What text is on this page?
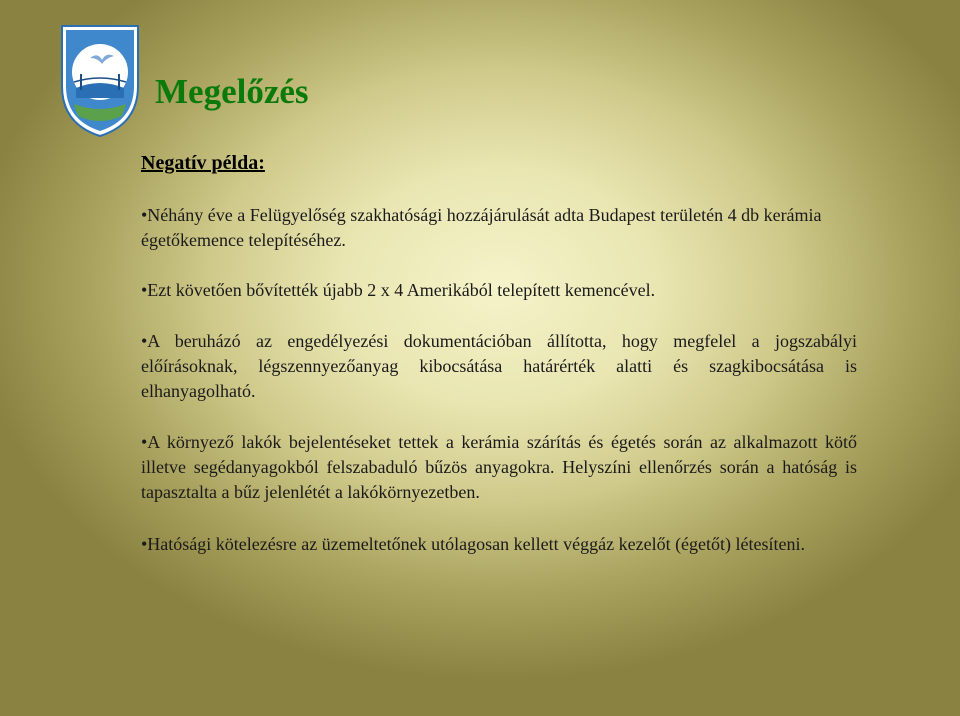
Megelőzés

Negatív példa:

•Néhány éve a Felügyelőség szakhatósági hozzájárulását adta Budapest területén 4 db kerámia égetőkemence telepítéséhez.

•Ezt követően bővítették újabb 2 x 4 Amerikából telepített kemencével.

•A beruházó az engedélyezési dokumentációban állította, hogy megfelel a jogszabályi előírásoknak, légszennyezőanyag kibocsátása határérték alatti és szagkibocsátása is elhanyagolható.

•A környező lakók bejelentéseket tettek a kerámia szárítás és égetés során az alkalmazott kötő illetve segédanyagokból felszabaduló bűzös anyagokra. Helyszíni ellenőrzés során a hatóság is tapasztalta a bűz jelenlétét a lakókörnyezetben.

•Hatósági kötelezésre az üzemeltetőnek utólagosan kellett véggáz kezelőt (égetőt) létesíteni.
